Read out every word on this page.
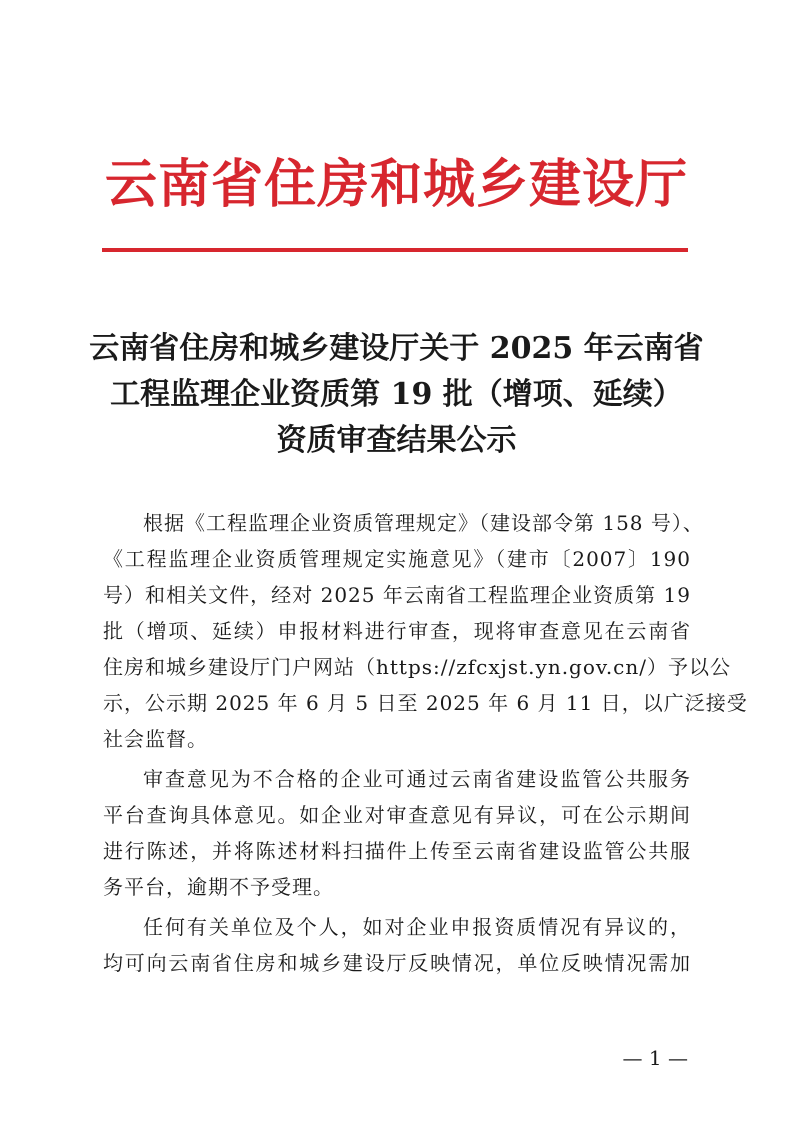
云南省住房和城乡建设厅
云南省住房和城乡建设厅关于 2025 年云南省
工程监理企业资质第 19 批（增项、延续）
资质审查结果公示
根据《工程监理企业资质管理规定》（建设部令第 158 号）、
《工程监理企业资质管理规定实施意见》（建市〔2007〕190
号）和相关文件，经对 2025 年云南省工程监理企业资质第 19
批（增项、延续）申报材料进行审查，现将审查意见在云南省
住房和城乡建设厅门户网站（https://zfcxjst.yn.gov.cn/）予以公
示，公示期 2025 年 6 月 5 日至 2025 年 6 月 11 日，以广泛接受
社会监督。
审查意见为不合格的企业可通过云南省建设监管公共服务
平台查询具体意见。如企业对审查意见有异议，可在公示期间
进行陈述，并将陈述材料扫描件上传至云南省建设监管公共服
务平台，逾期不予受理。
任何有关单位及个人，如对企业申报资质情况有异议的，
均可向云南省住房和城乡建设厅反映情况，单位反映情况需加
— 1 —
